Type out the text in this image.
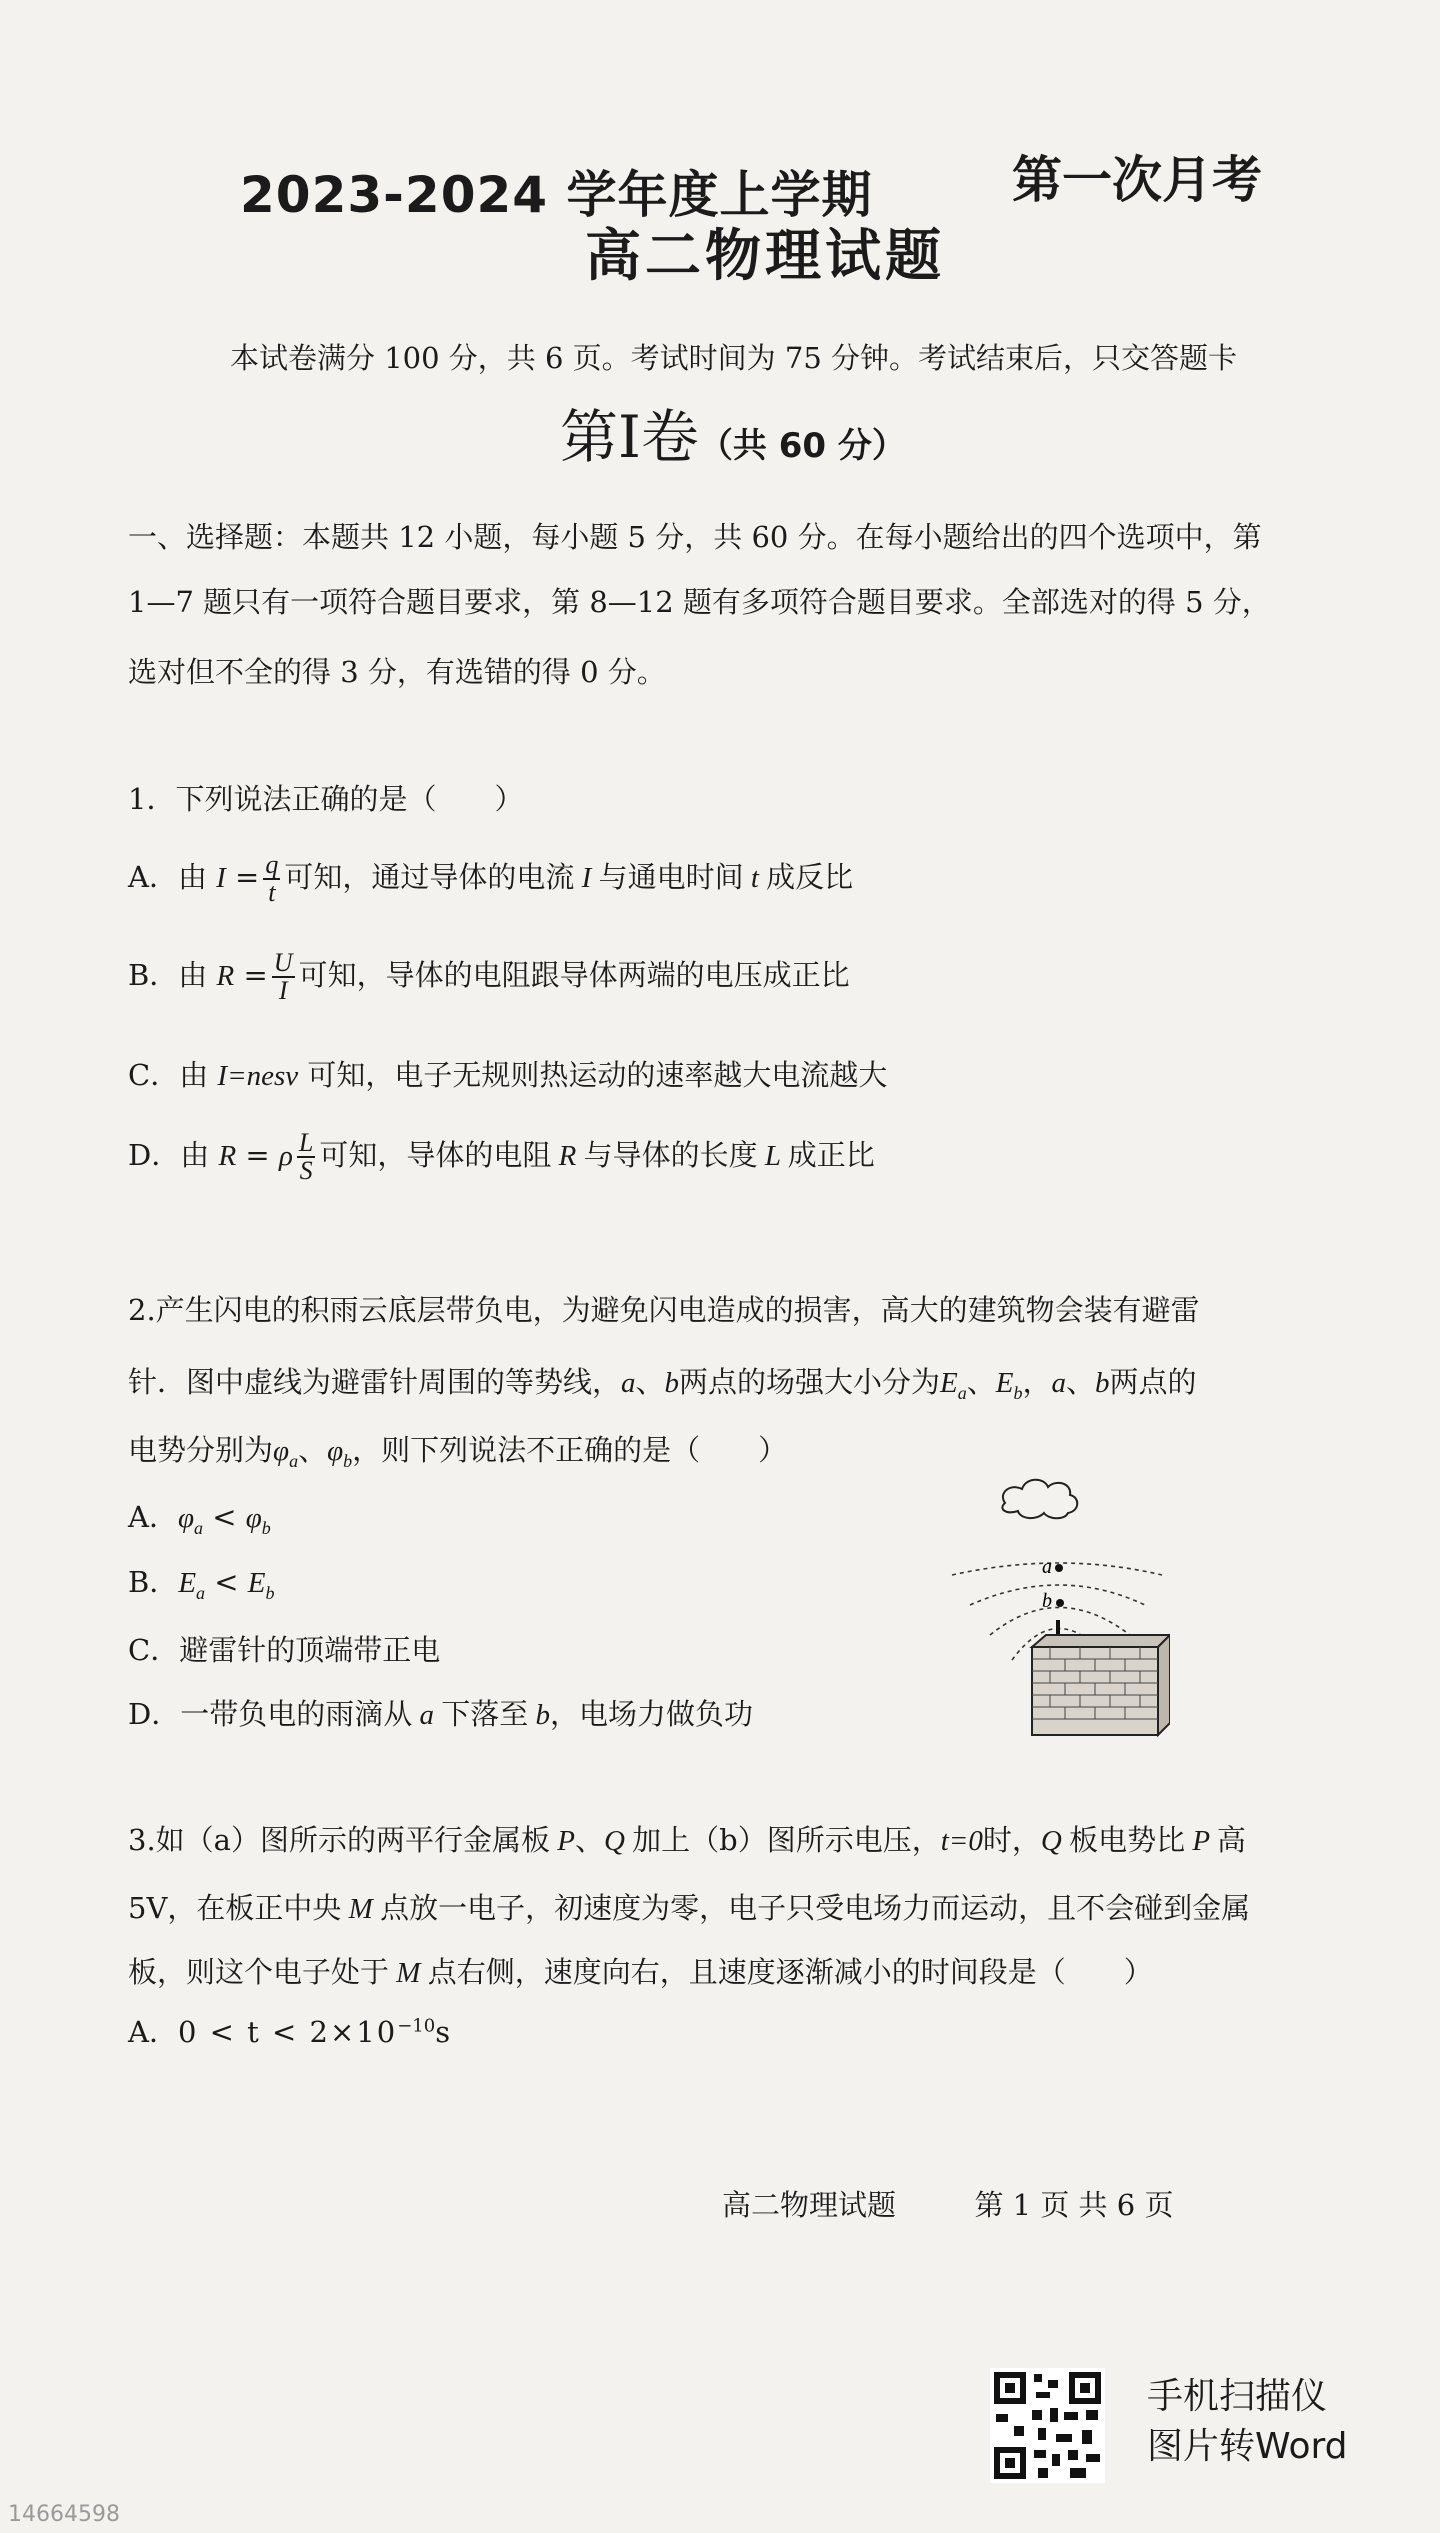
2023-2024 学年度上学期	第一次月考
高二物理试题
本试卷满分 100 分，共 6 页。考试时间为 75 分钟。考试结束后，只交答题卡
第I卷（共 60 分）
一、选择题：本题共 12 小题，每小题 5 分，共 60 分。在每小题给出的四个选项中，第
1—7 题只有一项符合题目要求，第 8—12 题有多项符合题目要求。全部选对的得 5 分，
选对但不全的得 3 分，有选错的得 0 分。
1．下列说法正确的是（　　）
A．由 $I = \frac{q}{t}$ 可知，通过导体的电流 I 与通电时间 t 成反比
B．由 $R = \frac{U}{I}$ 可知，导体的电阻跟导体两端的电压成正比
C．由 I=nesv 可知，电子无规则热运动的速率越大电流越大
D．由 R = ρ $\frac{L}{S}$ 可知，导体的电阻 R 与导体的长度 L 成正比
2.产生闪电的积雨云底层带负电，为避免闪电造成的损害，高大的建筑物会装有避雷
针．图中虚线为避雷针周围的等势线，a、b两点的场强大小分为$E_a$、$E_b$，a、b两点的
电势分别为$\varphi_a$、$\varphi_b$，则下列说法不正确的是（　　）
A．$\varphi_a < \varphi_b$
B．$E_a < E_b$
C．避雷针的顶端带正电
D．一带负电的雨滴从 a 下落至 b，电场力做负功
a
b
3.如（a）图所示的两平行金属板 P、Q 加上（b）图所示电压，t=0时，Q 板电势比 P 高
5V，在板正中央 M 点放一电子，初速度为零，电子只受电场力而运动，且不会碰到金属
板，则这个电子处于 M 点右侧，速度向右，且速度逐渐减小的时间段是（　　）
A．$0 < t < 2\times 10^{-10}s$
高二物理试题	第 1 页 共 6 页
手机扫描仪
图片转Word
14664598
